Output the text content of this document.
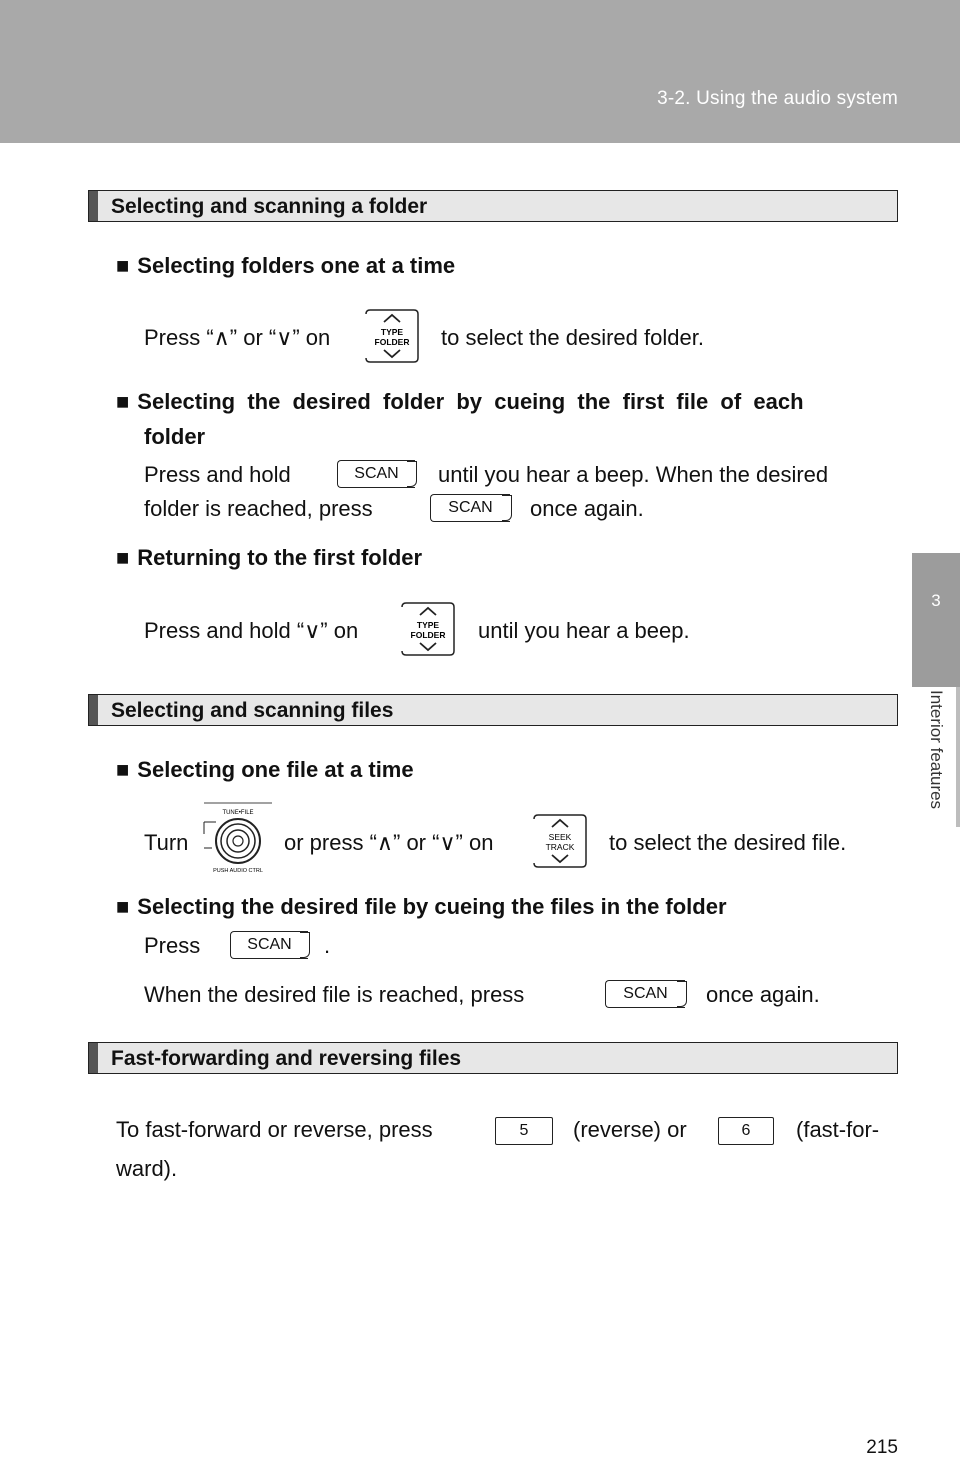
3-2. Using the audio system
3
Interior features
Selecting and scanning a folder
■ Selecting folders one at a time
Press “∧” or “∨” on	TYPE
FOLDER to select the desired folder.
■ Selecting  the  desired  folder  by  cueing  the  first  file  of  each
folder
Press and hold	SCAN	until you hear a beep. When the desired
folder is reached, press	SCAN	once again.
■ Returning to the first folder
Press and hold “∨” on	TYPE
FOLDER until you hear a beep.
Selecting and scanning files
■ Selecting one file at a time
Turn
TUNE•FILE
PUSH AUDIO CTRL
or press “∧” or “∨” on	SEEK
TRACK to select the desired file.
■ Selecting the desired file by cueing the files in the folder
Press	SCAN	.
When the desired file is reached, press	SCAN	once again.
Fast-forwarding and reversing files
To fast-forward or reverse, press	5	(reverse) or	6	(fast-for-
ward).
215
